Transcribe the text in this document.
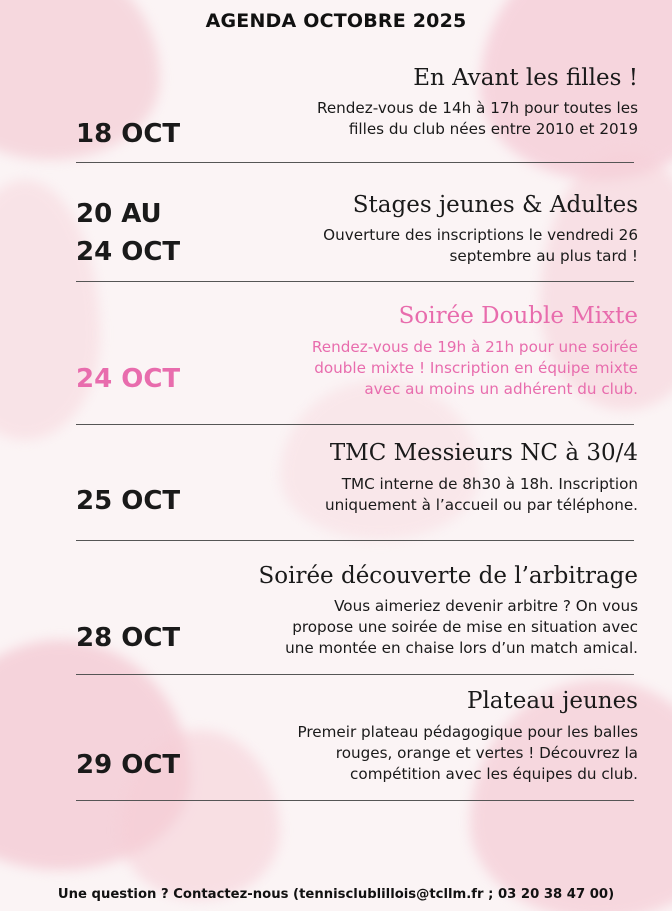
AGENDA OCTOBRE 2025
En Avant les filles !
Rendez-vous de 14h à 17h pour toutes les
filles du club nées entre 2010 et 2019
18 OCT
Stages jeunes & Adultes
Ouverture des inscriptions le vendredi 26
septembre au plus tard !
20 AU
24 OCT
Soirée Double Mixte
Rendez-vous de 19h à 21h pour une soirée
double mixte ! Inscription en équipe mixte
avec au moins un adhérent du club.
24 OCT
TMC Messieurs NC à 30/4
TMC interne de 8h30 à 18h. Inscription
uniquement à l’accueil ou par téléphone.
25 OCT
Soirée découverte de l’arbitrage
Vous aimeriez devenir arbitre ? On vous
propose une soirée de mise en situation avec
une montée en chaise lors d’un match amical.
28 OCT
Plateau jeunes
Premeir plateau pédagogique pour les balles
rouges, orange et vertes ! Découvrez la
compétition avec les équipes du club.
29 OCT
Une question ? Contactez-nous (tennisclublillois@tcllm.fr ; 03 20 38 47 00)
